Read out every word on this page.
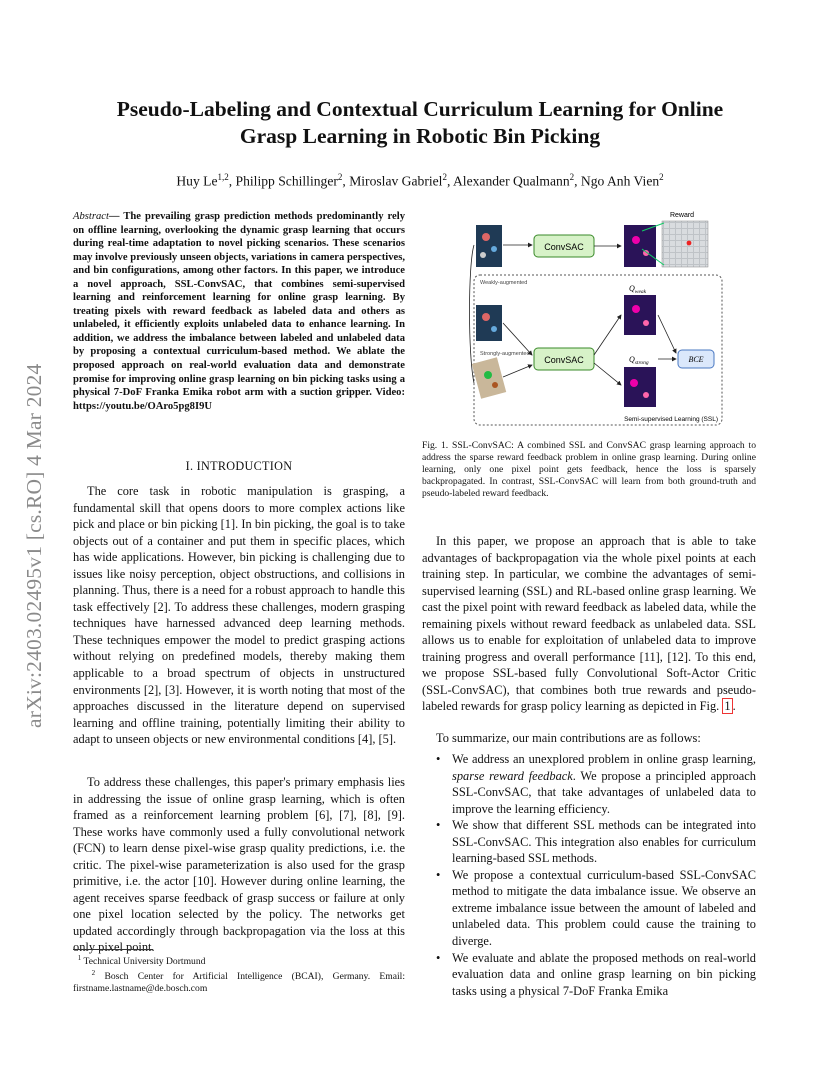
arXiv:2403.02495v1 [cs.RO] 4 Mar 2024
Pseudo-Labeling and Contextual Curriculum Learning for Online
Grasp Learning in Robotic Bin Picking
Huy Le$^{1,2}$, Philipp Schillinger$^2$, Miroslav Gabriel$^2$, Alexander Qualmann$^2$, Ngo Anh Vien$^2$
Abstract— The prevailing grasp prediction methods predominantly rely on offline learning, overlooking the dynamic grasp learning that occurs during real-time adaptation to novel picking scenarios. These scenarios may involve previously unseen objects, variations in camera perspectives, and bin configurations, among other factors. In this paper, we introduce a novel approach, SSL-ConvSAC, that combines semi-supervised learning and reinforcement learning for online grasp learning. By treating pixels with reward feedback as labeled data and others as unlabeled, it efficiently exploits unlabeled data to enhance learning. In addition, we address the imbalance between labeled and unlabeled data by proposing a contextual curriculum-based method. We ablate the proposed approach on real-world evaluation data and demonstrate promise for improving online grasp learning on bin picking tasks using a physical 7-DoF Franka Emika robot arm with a suction gripper. Video: https://youtu.be/OAro5pg8I9U
I. INTRODUCTION

The core task in robotic manipulation is grasping, a fundamental skill that opens doors to more complex actions like pick and place or bin picking [1]. In bin picking, the goal is to take objects out of a container and put them in specific places, which has wide applications. However, bin picking is challenging due to issues like noisy perception, object obstructions, and collisions in planning. Thus, there is a need for a robust approach to handle this task effectively [2]. To address these challenges, modern grasping techniques have harnessed advanced deep learning methods. These techniques empower the model to predict grasping actions without relying on predefined models, thereby making them applicable to a broad spectrum of objects in unstructured environments [2], [3]. However, it is worth noting that most of the approaches discussed in the literature depend on supervised learning and offline training, potentially limiting their ability to adapt to unseen objects or new environmental conditions [4], [5].

To address these challenges, this paper's primary emphasis lies in addressing the issue of online grasp learning, which is often framed as a reinforcement learning problem [6], [7], [8], [9]. These works have commonly used a fully convolutional network (FCN) to learn dense pixel-wise grasp quality predictions, i.e. the critic. The pixel-wise parameterization is also used for the grasp primitive, i.e. the actor [10]. However during online learning, the agent receives sparse feedback of grasp success or failure at only one pixel location selected by the policy. The networks get updated accordingly through backpropagation via the loss at this only pixel point.

$^1$ Technical University Dortmund
$^2$ Bosch Center for Artificial Intelligence (BCAI), Germany. Email: firstname.lastname@de.bosch.com
Weakly-augmented
Strongly-augmented
ConvSAC
ConvSAC
Reward
$Q_{weak}$
$Q_{strong}$	BCE
Semi-supervised Learning (SSL)
Fig. 1. SSL-ConvSAC: A combined SSL and ConvSAC grasp learning approach to address the sparse reward feedback problem in online grasp learning. During online learning, only one pixel point gets feedback, hence the loss is sparsely backpropagated. In contrast, SSL-ConvSAC will learn from both ground-truth and pseudo-labeled reward feedback.

In this paper, we propose an approach that is able to take advantages of backpropagation via the whole pixel points at each training step. In particular, we combine the advantages of semi-supervised learning (SSL) and RL-based online grasp learning. We cast the pixel point with reward feedback as labeled data, while the remaining pixels without reward feedback as unlabeled data. SSL allows us to enable for exploitation of unlabeled data to improve training progress and overall performance [11], [12]. To this end, we propose SSL-based fully Convolutional Soft-Actor Critic (SSL-ConvSAC), that combines both true rewards and pseudo-labeled rewards for grasp policy learning as depicted in Fig. 1 .

To summarize, our main contributions are as follows:

• We address an unexplored problem in online grasp learning, sparse reward feedback. We propose a principled approach SSL-ConvSAC, that take advantages of unlabeled data to improve the learning efficiency.
• We show that different SSL methods can be integrated into SSL-ConvSAC. This integration also enables for curriculum learning-based SSL methods.
• We propose a contextual curriculum-based SSL-ConvSAC method to mitigate the data imbalance issue. We observe an extreme imbalance issue between the amount of labeled and unlabeled data. This problem could cause the training to diverge.
• We evaluate and ablate the proposed methods on real-world evaluation data and online grasp learning on bin picking tasks using a physical 7-DoF Franka Emika
